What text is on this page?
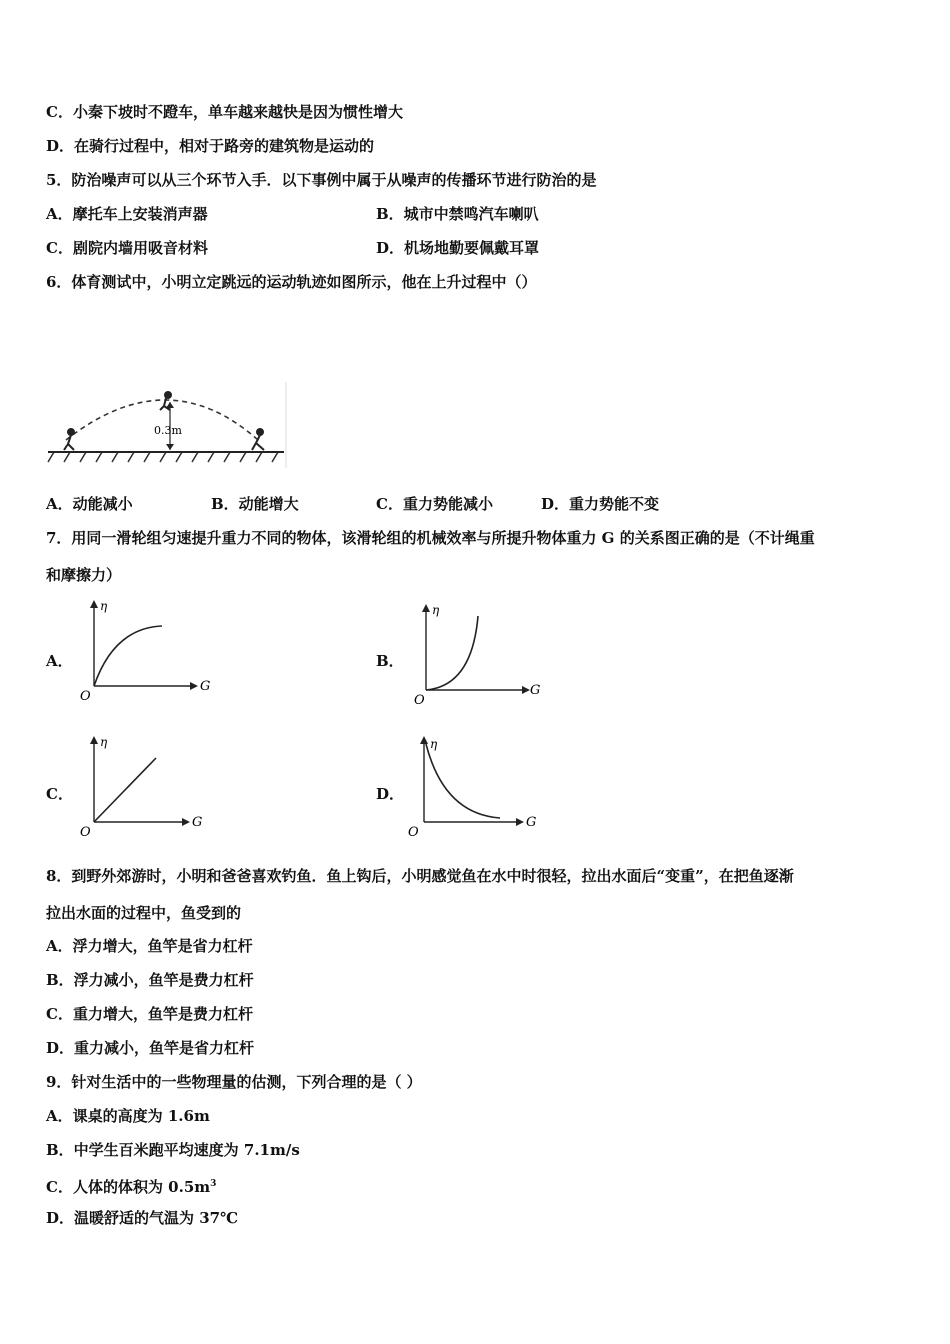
C．小秦下坡时不蹬车，单车越来越快是因为惯性增大
D．在骑行过程中，相对于路旁的建筑物是运动的
5．防治噪声可以从三个环节入手．以下事例中属于从噪声的传播环节进行防治的是
A．摩托车上安装消声器	B．城市中禁鸣汽车喇叭
C．剧院内墙用吸音材料	D．机场地勤要佩戴耳罩
6．体育测试中，小明立定跳远的运动轨迹如图所示，他在上升过程中（）
0.3m
A．动能减小	B．动能增大	C．重力势能减小	D．重力势能不变
7．用同一滑轮组匀速提升重力不同的物体，该滑轮组的机械效率与所提升物体重力 G 的关系图正确的是（不计绳重
和摩擦力）
A．
η
G
O
B．
η
G
O
C．
η
G
O
D．
η
G
O
8．到野外郊游时，小明和爸爸喜欢钓鱼．鱼上钩后，小明感觉鱼在水中时很轻，拉出水面后“变重”，在把鱼逐渐
拉出水面的过程中，鱼受到的
A．浮力增大，鱼竿是省力杠杆
B．浮力减小，鱼竿是费力杠杆
C．重力增大，鱼竿是费力杠杆
D．重力减小，鱼竿是省力杠杆
9．针对生活中的一些物理量的估测，下列合理的是（ ）
A．课桌的高度为 1.6m
B．中学生百米跑平均速度为 7.1m/s
C．人体的体积为 $0.5m^3$
D．温暖舒适的气温为 37℃
